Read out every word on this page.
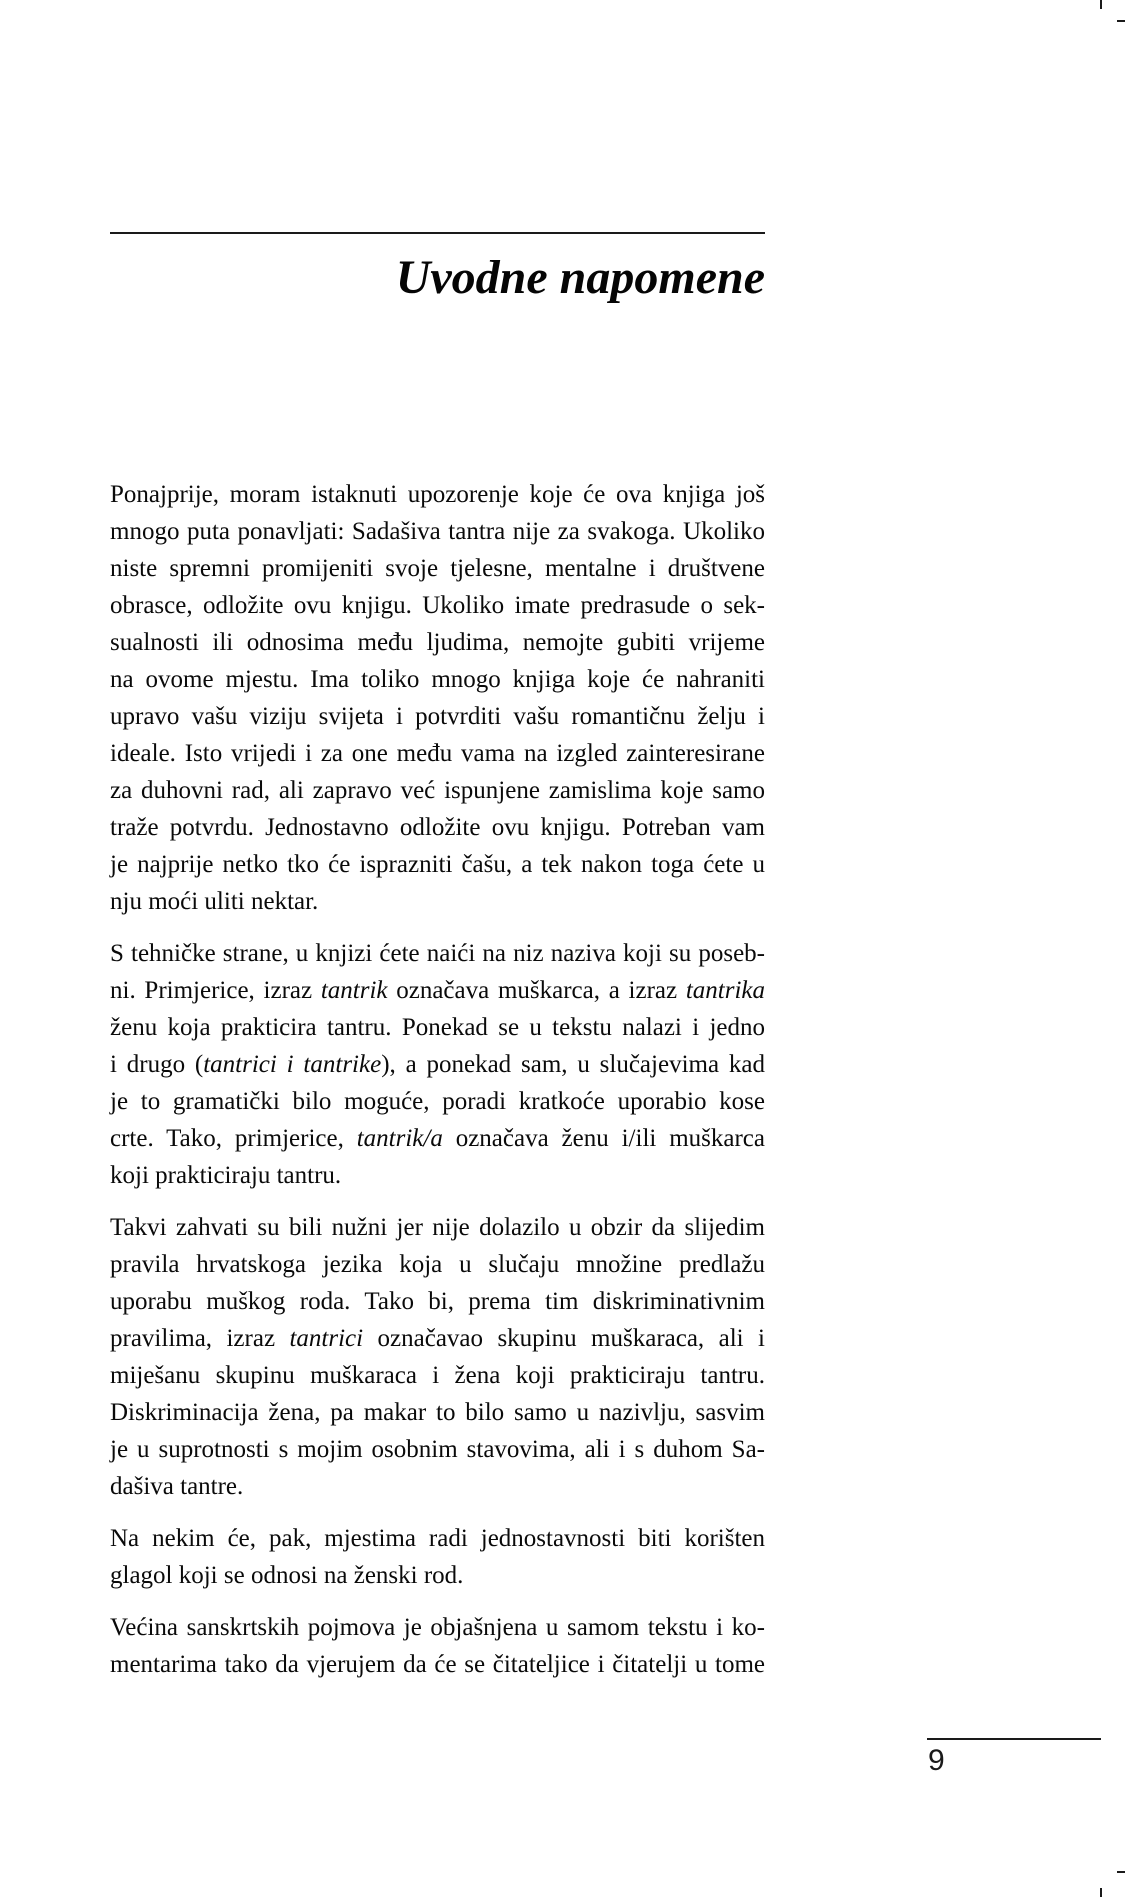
Uvodne napomene
Ponajprije, moram istaknuti upozorenje koje će ova knjiga još
mnogo puta ponavljati: Sadašiva tantra nije za svakoga. Ukoliko
niste spremni promijeniti svoje tjelesne, mentalne i društvene
obrasce, odložite ovu knjigu. Ukoliko imate predrasude o sek-
sualnosti ili odnosima među ljudima, nemojte gubiti vrijeme
na ovome mjestu. Ima toliko mnogo knjiga koje će nahraniti
upravo vašu viziju svijeta i potvrditi vašu romantičnu želju i
ideale. Isto vrijedi i za one među vama na izgled zainteresirane
za duhovni rad, ali zapravo već ispunjene zamislima koje samo
traže potvrdu. Jednostavno odložite ovu knjigu. Potreban vam
je najprije netko tko će isprazniti čašu, a tek nakon toga ćete u
nju moći uliti nektar.
S tehničke strane, u knjizi ćete naići na niz naziva koji su poseb-
ni. Primjerice, izraz tantrik označava muškarca, a izraz tantrika
ženu koja prakticira tantru. Ponekad se u tekstu nalazi i jedno
i drugo (tantrici i tantrike), a ponekad sam, u slučajevima kad
je to gramatički bilo moguće, poradi kratkoće uporabio kose
crte. Tako, primjerice, tantrik/a označava ženu i/ili muškarca
koji prakticiraju tantru.
Takvi zahvati su bili nužni jer nije dolazilo u obzir da slijedim
pravila hrvatskoga jezika koja u slučaju množine predlažu
uporabu muškog roda. Tako bi, prema tim diskriminativnim
pravilima, izraz tantrici označavao skupinu muškaraca, ali i
miješanu skupinu muškaraca i žena koji prakticiraju tantru.
Diskriminacija žena, pa makar to bilo samo u nazivlju, sasvim
je u suprotnosti s mojim osobnim stavovima, ali i s duhom Sa-
dašiva tantre.
Na nekim će, pak, mjestima radi jednostavnosti biti korišten
glagol koji se odnosi na ženski rod.
Većina sanskrtskih pojmova je objašnjena u samom tekstu i ko-
mentarima tako da vjerujem da će se čitateljice i čitatelji u tome
9
